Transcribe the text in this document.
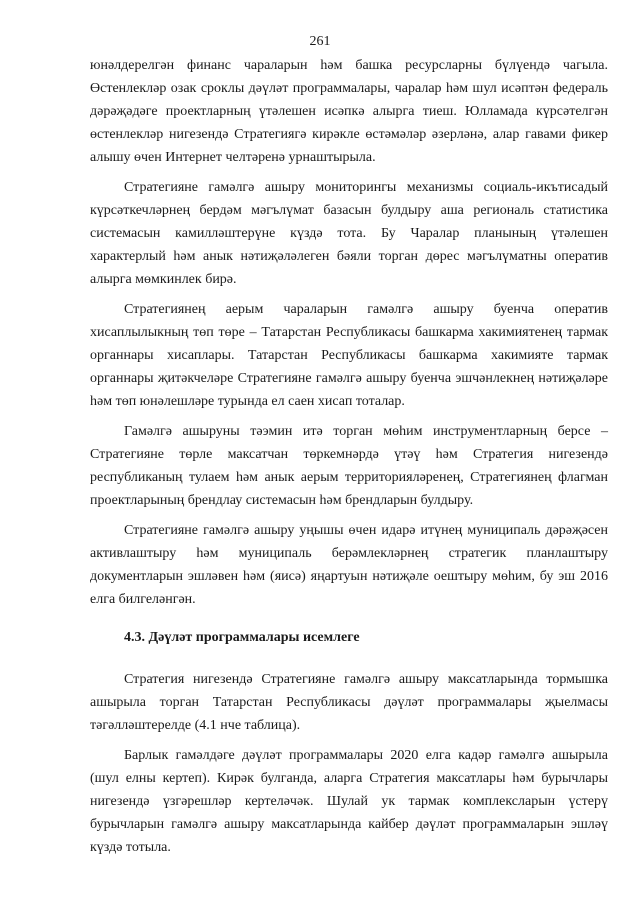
261

юнәлдерелгән финанс чараларын һәм башка ресурсларны бүлүендә чагыла. Өстенлекләр озак сроклы дәүләт программалары, чаралар һәм шул исәптән федераль дәрәҗәдәге проектларның үтәлешен исәпкә алырга тиеш. Юлламада күрсәтелгән өстенлекләр нигезендә Стратегиягә кирәкле өстәмәләр әзерләнә, алар гавами фикер алышу өчен Интернет челтәренә урнаштырыла.

Стратегияне гамәлгә ашыру мониторингы механизмы социаль-икътисадый күрсәткечләрнең бердәм мәгълүмат базасын булдыру аша региональ статистика системасын камилләштерүне күздә тота. Бу Чаралар планының үтәлешен характерлый һәм анык нәтиҗәләлеген бәяли торган дөрес мәгълүматны оператив алырга мөмкинлек бирә.

Стратегиянең аерым чараларын гамәлгә ашыру буенча оператив хисаплылыкның төп төре – Татарстан Республикасы башкарма хакимиятенең тармак органнары хисаплары. Татарстан Республикасы башкарма хакимияте тармак органнары җитәкчеләре Стратегияне гамәлгә ашыру буенча эшчәнлекнең нәтиҗәләре һәм төп юнәлешләре турында ел саен хисап тоталар.

Гамәлгә ашыруны тәэмин итә торган мөһим инструментларның берсе – Стратегияне төрле максатчан төркемнәрдә үтәү һәм Стратегия нигезендә республиканың тулаем һәм анык аерым территорияләренең, Стратегиянең флагман проектларының брендлау системасын һәм брендларын булдыру.

Стратегияне гамәлгә ашыру уңышы өчен идарә итүнең муниципаль дәрәҗәсен активлаштыру һәм муниципаль берәмлекләрнең стратегик планлаштыру документларын эшләвен һәм (яисә) яңартуын нәтиҗәле оештыру мөһим, бу эш 2016 елга билгеләнгән.

4.3. Дәүләт программалары исемлеге

Стратегия нигезендә Стратегияне гамәлгә ашыру максатларында тормышка ашырыла торган Татарстан Республикасы дәүләт программалары җыелмасы тәгәлләштерелде (4.1 нче таблица).

Барлык гамәлдәге дәүләт программалары 2020 елга кадәр гамәлгә ашырыла (шул елны кертеп). Кирәк булганда, аларга Стратегия максатлары һәм бурычлары нигезендә үзгәрешләр кертеләчәк. Шулай ук тармак комплексларын үстерү бурычларын гамәлгә ашыру максатларында кайбер дәүләт программаларын эшләү күздә тотыла.
